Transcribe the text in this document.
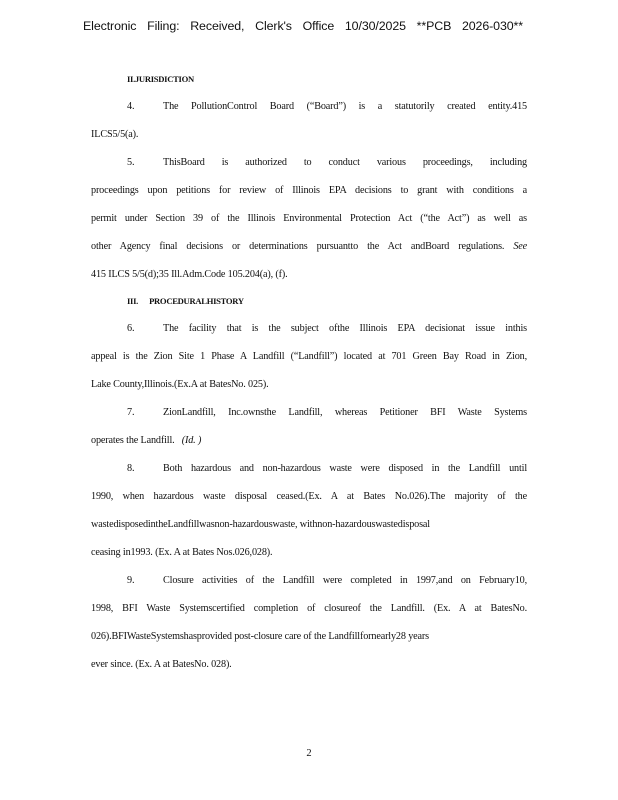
Electronic Filing: Received, Clerk's Office 10/30/2025 **PCB 2026-030**
II.JURISDICTION
4.	The PollutionControl Board (“Board”) is a statutorily created entity.415
ILCS5/5(a).
5.	ThisBoard is authorized to conduct various proceedings, including
proceedings upon petitions for review of Illinois EPA decisions to grant with conditions a
permit under Section 39 of the Illinois Environmental Protection Act (“the Act”) as well as
other Agency final decisions or determinations pursuantto the Act andBoard regulations. See
415 ILCS 5/5(d);35 Ill.Adm.Code 105.204(a), (f).
III. PROCEDURALHISTORY
6.	The facility that is the subject ofthe Illinois EPA decisionat issue inthis
appeal is the Zion Site 1 Phase A Landfill (“Landfill”) located at 701 Green Bay Road in Zion,
Lake County,Illinois.(Ex.A at BatesNo. 025).
7.	ZionLandfill, Inc.ownsthe Landfill, whereas Petitioner BFI Waste Systems
operates the Landfill. (Id. )
8.	Both hazardous and non-hazardous waste were disposed in the Landfill until
1990, when hazardous waste disposal ceased.(Ex. A at Bates No.026).The majority of the
wastedisposedintheLandfillwasnon-hazardouswaste, withnon-hazardouswastedisposal
ceasing in1993. (Ex. A at Bates Nos.026,028).
9.	Closure activities of the Landfill were completed in 1997,and on February10,
1998, BFI Waste Systemscertified completion of closureof the Landfill. (Ex. A at BatesNo.
026).BFIWasteSystemshasprovided post-closure care of the Landfillfornearly28 years
ever since. (Ex. A at BatesNo. 028).
2
